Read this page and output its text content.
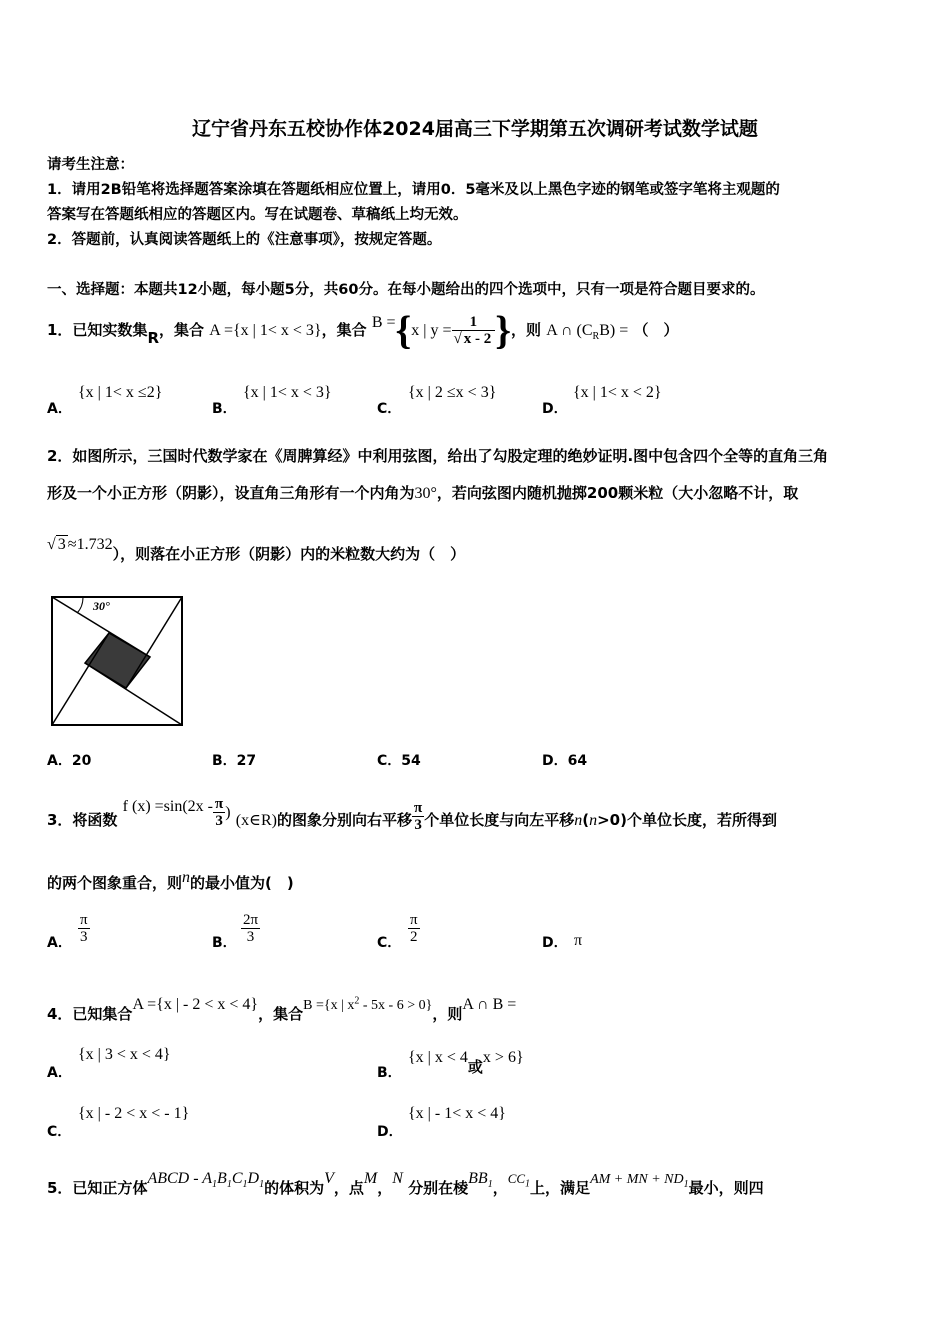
辽宁省丹东五校协作体2024届高三下学期第五次调研考试数学试题
请考生注意：
1．请用2B铅笔将选择题答案涂填在答题纸相应位置上，请用0．5毫米及以上黑色字迹的钢笔或签字笔将主观题的
答案写在答题纸相应的答题区内。写在试题卷、草稿纸上均无效。
2．答题前，认真阅读答题纸上的《注意事项》，按规定答题。
一、选择题：本题共12小题，每小题5分，共60分。在每小题给出的四个选项中，只有一项是符合题目要求的。
1．已知实数集R，集合 A ={x | 1< x < 3}，集合 B ={x | $y = \frac{1}{√ x - 2}$ }，则 A ∩ $(C_RB)$ = （　）
A．
{x | 1< x ≤2}
B．
{x | 1< x < 3}
C．
{x | 2 ≤x < 3}
D．
{x | 1< x < 2}
2．如图所示，三国时代数学家在《周脾算经》中利用弦图，给出了勾股定理的绝妙证明.图中包含四个全等的直角三角
形及一个小正方形（阴影），设直角三角形有一个内角为30°，若向弦图内随机抛掷200颗米粒（大小忽略不计，取
√ 3 ≈1.732），则落在小正方形（阴影）内的米粒数大约为（　）
30°
A．20	B．27	C．54	D．64
3．将函数 f $(x) =\sin(2x - \frac{\pi}{3}$ ) (x∈R)的图象分别向右平移 $\frac{\pi}{3}$ 个单位长度与向左平移n(n>0)个单位长度，若所得到
的两个图象重合，则n的最小值为(　)
A． $\frac{\pi}{3}$	B． $\frac{2\pi}{3}$	C． $\frac{\pi}{2}$	D． π
4．已知集合A ={x | - 2 < x < 4}，集合B ={x | $x^2 - 5x - 6 > 0$}，则A ∩ B =
A．
{x | 3 < x < 4}
B．
{x | x < 4或x > 6}
C．
{x | - 2 < x < - 1}
D．
{x | - 1< x < 4}
5．已知正方体ABCD - $A_1B_1C_1D_1$的体积为V，点M，N 分别在棱$BB_1$，$CC_1$上，满足AM + MN + $ND_1$最小，则四
